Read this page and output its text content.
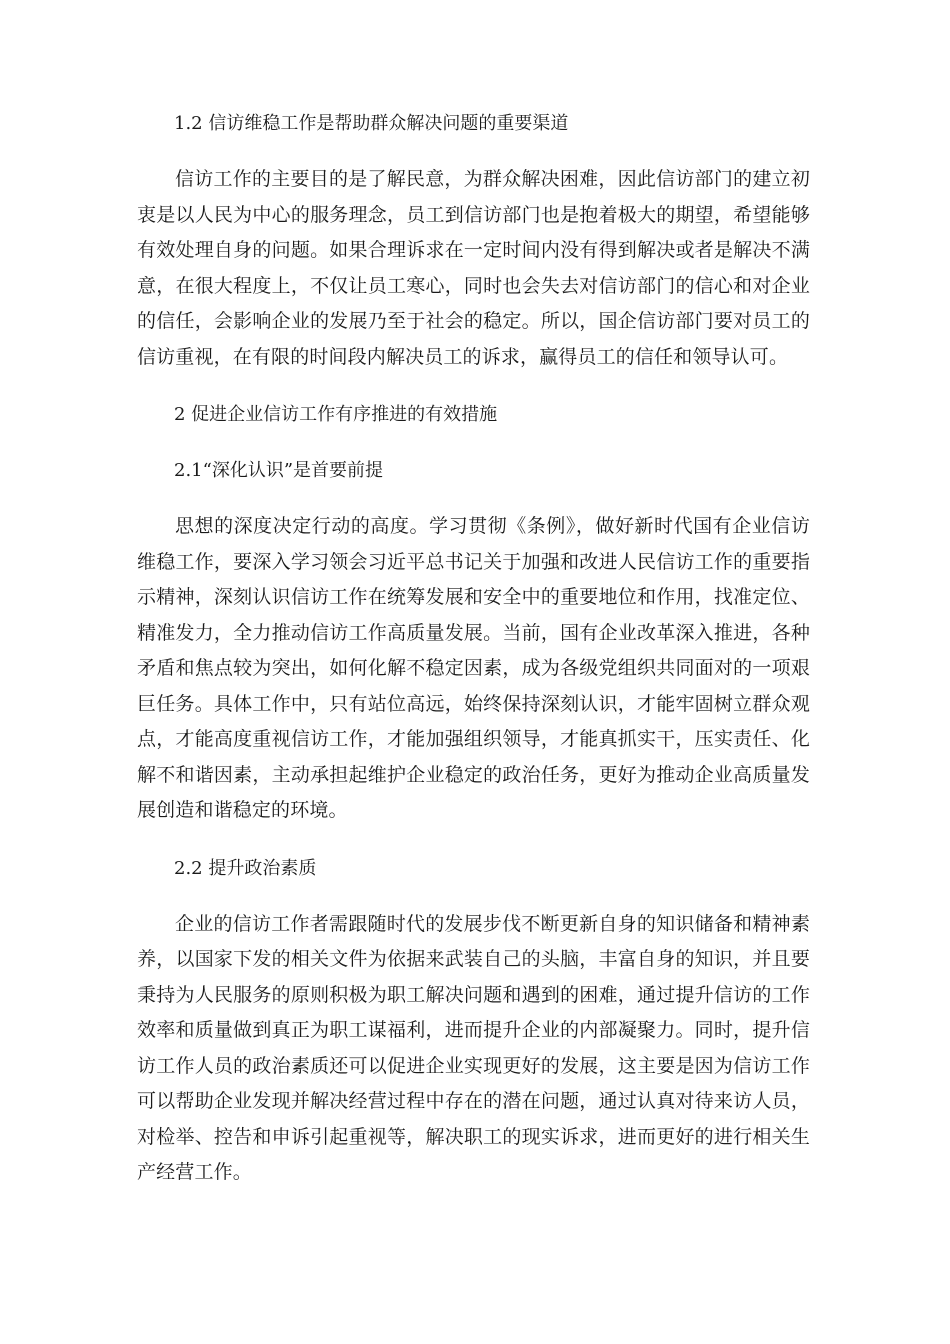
1.2 信访维稳工作是帮助群众解决问题的重要渠道

信访工作的主要目的是了解民意，为群众解决困难，因此信访部门的建立初衷是以人民为中心的服务理念，员工到信访部门也是抱着极大的期望，希望能够有效处理自身的问题。如果合理诉求在一定时间内没有得到解决或者是解决不满意，在很大程度上，不仅让员工寒心，同时也会失去对信访部门的信心和对企业的信任，会影响企业的发展乃至于社会的稳定。所以，国企信访部门要对员工的信访重视，在有限的时间段内解决员工的诉求，赢得员工的信任和领导认可。

2 促进企业信访工作有序推进的有效措施
2.1“深化认识”是首要前提

思想的深度决定行动的高度。学习贯彻《条例》，做好新时代国有企业信访维稳工作，要深入学习领会习近平总书记关于加强和改进人民信访工作的重要指示精神，深刻认识信访工作在统筹发展和安全中的重要地位和作用，找准定位、精准发力，全力推动信访工作高质量发展。当前，国有企业改革深入推进，各种矛盾和焦点较为突出，如何化解不稳定因素，成为各级党组织共同面对的一项艰巨任务。具体工作中，只有站位高远，始终保持深刻认识，才能牢固树立群众观点，才能高度重视信访工作，才能加强组织领导，才能真抓实干，压实责任、化解不和谐因素，主动承担起维护企业稳定的政治任务，更好为推动企业高质量发展创造和谐稳定的环境。

2.2 提升政治素质

企业的信访工作者需跟随时代的发展步伐不断更新自身的知识储备和精神素养，以国家下发的相关文件为依据来武装自己的头脑，丰富自身的知识，并且要秉持为人民服务的原则积极为职工解决问题和遇到的困难，通过提升信访的工作效率和质量做到真正为职工谋福利，进而提升企业的内部凝聚力。同时，提升信访工作人员的政治素质还可以促进企业实现更好的发展，这主要是因为信访工作可以帮助企业发现并解决经营过程中存在的潜在问题，通过认真对待来访人员，对检举、控告和申诉引起重视等，解决职工的现实诉求，进而更好的进行相关生产经营工作。
